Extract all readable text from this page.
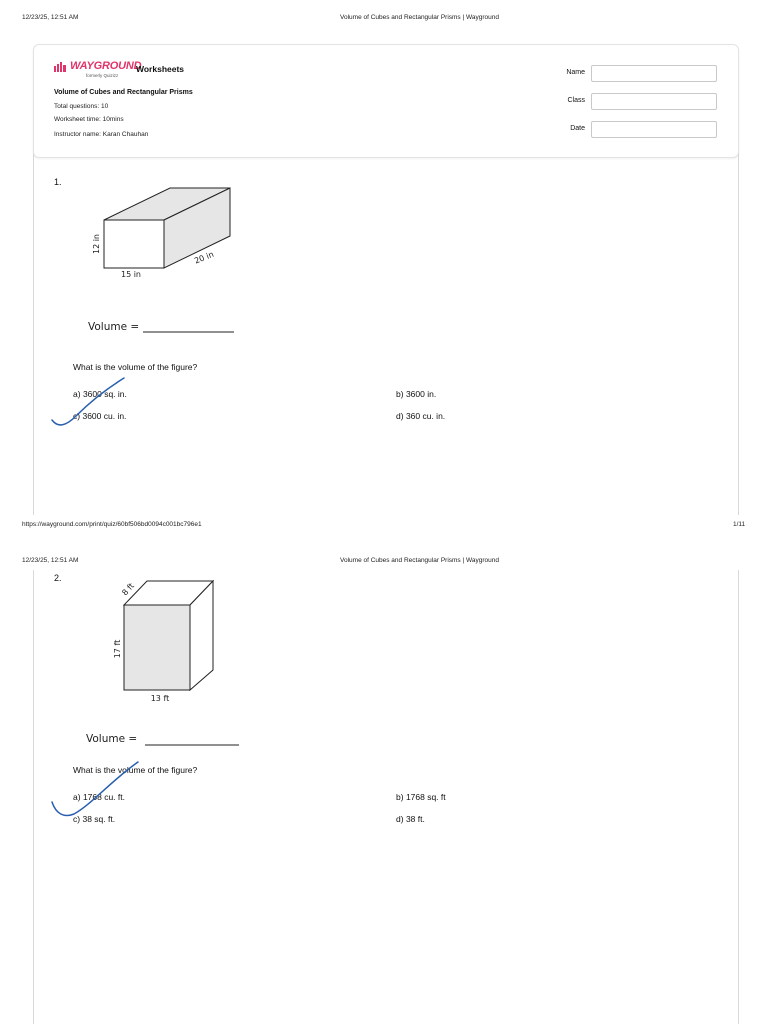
12/23/25, 12:51 AM	Volume of Cubes and Rectangular Prisms | Wayground
WAYGROUND
formerly Quizizz
Worksheets
Volume of Cubes and Rectangular Prisms
Total questions: 10
Worksheet time: 10mins
Instructor name: Karan Chauhan
Name
Class
Date
1.
12 in
15 in
20 in
Volume =
What is the volume of the figure?
a) 3600 sq. in.	b) 3600 in.
c) 3600 cu. in.	d) 360 cu. in.
https://wayground.com/print/quiz/60bf506bd0094c001bc796e1	1/11
12/23/25, 12:51 AM	Volume of Cubes and Rectangular Prisms | Wayground
2.
17 ft
13 ft
8 ft
Volume =
What is the volume of the figure?
a) 1768 cu. ft.	b) 1768 sq. ft
c) 38 sq. ft.	d) 38 ft.
